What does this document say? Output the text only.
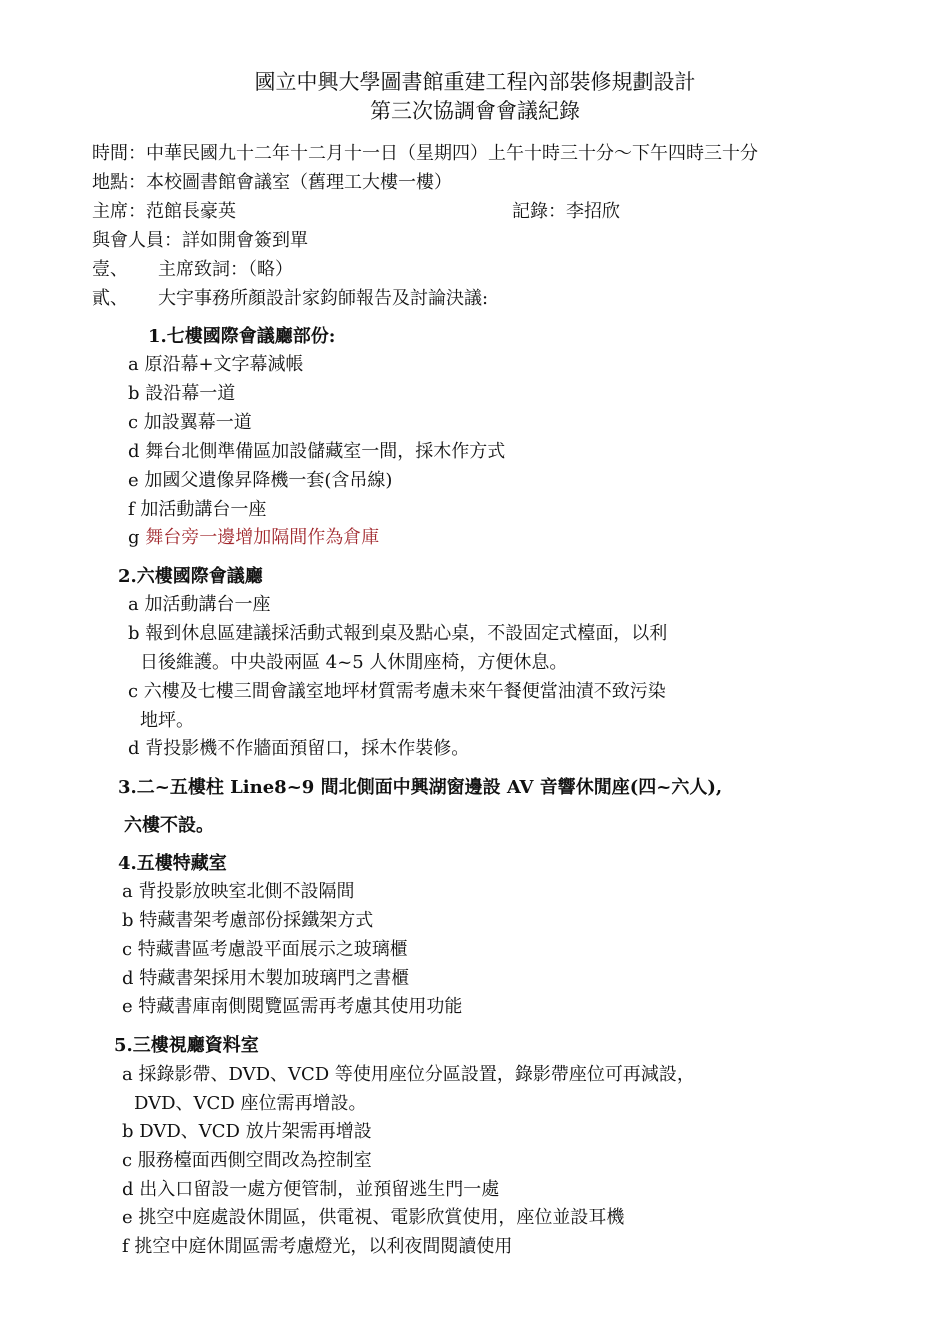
國立中興大學圖書館重建工程內部裝修規劃設計
第三次協調會會議紀錄
時間：中華民國九十二年十二月十一日（星期四）上午十時三十分～下午四時三十分
地點：本校圖書館會議室（舊理工大樓一樓）
主席：范館長豪英	記錄：李招欣
與會人員：詳如開會簽到單
壹、 主席致詞：（略）
貳、 大宇事務所顏設計家鈞師報告及討論決議:
1.七樓國際會議廳部份:
a 原沿幕+文字幕減帳
b 設沿幕一道
c 加設翼幕一道
d 舞台北側準備區加設儲藏室一間，採木作方式
e 加國父遺像昇降機一套(含吊線)
f 加活動講台一座
g 舞台旁一邊增加隔間作為倉庫
2.六樓國際會議廳
a 加活動講台一座
b 報到休息區建議採活動式報到桌及點心桌，不設固定式檯面，以利
日後維護。中央設兩區 4~5 人休閒座椅，方便休息。
c 六樓及七樓三間會議室地坪材質需考慮未來午餐便當油漬不致污染
地坪。
d 背投影機不作牆面預留口，採木作裝修。
3.二~五樓柱 Line8~9 間北側面中興湖窗邊設 AV 音響休閒座(四~六人),
六樓不設。
4.五樓特藏室
a 背投影放映室北側不設隔間
b 特藏書架考慮部份採鐵架方式
c 特藏書區考慮設平面展示之玻璃櫃
d 特藏書架採用木製加玻璃門之書櫃
e 特藏書庫南側閱覽區需再考慮其使用功能
5.三樓視廳資料室
a 採錄影帶、DVD、VCD 等使用座位分區設置，錄影帶座位可再減設，
DVD、VCD 座位需再增設。
b DVD、VCD 放片架需再增設
c 服務檯面西側空間改為控制室
d 出入口留設一處方便管制，並預留逃生門一處
e 挑空中庭處設休閒區，供電視、電影欣賞使用，座位並設耳機
f 挑空中庭休閒區需考慮燈光，以利夜間閱讀使用
